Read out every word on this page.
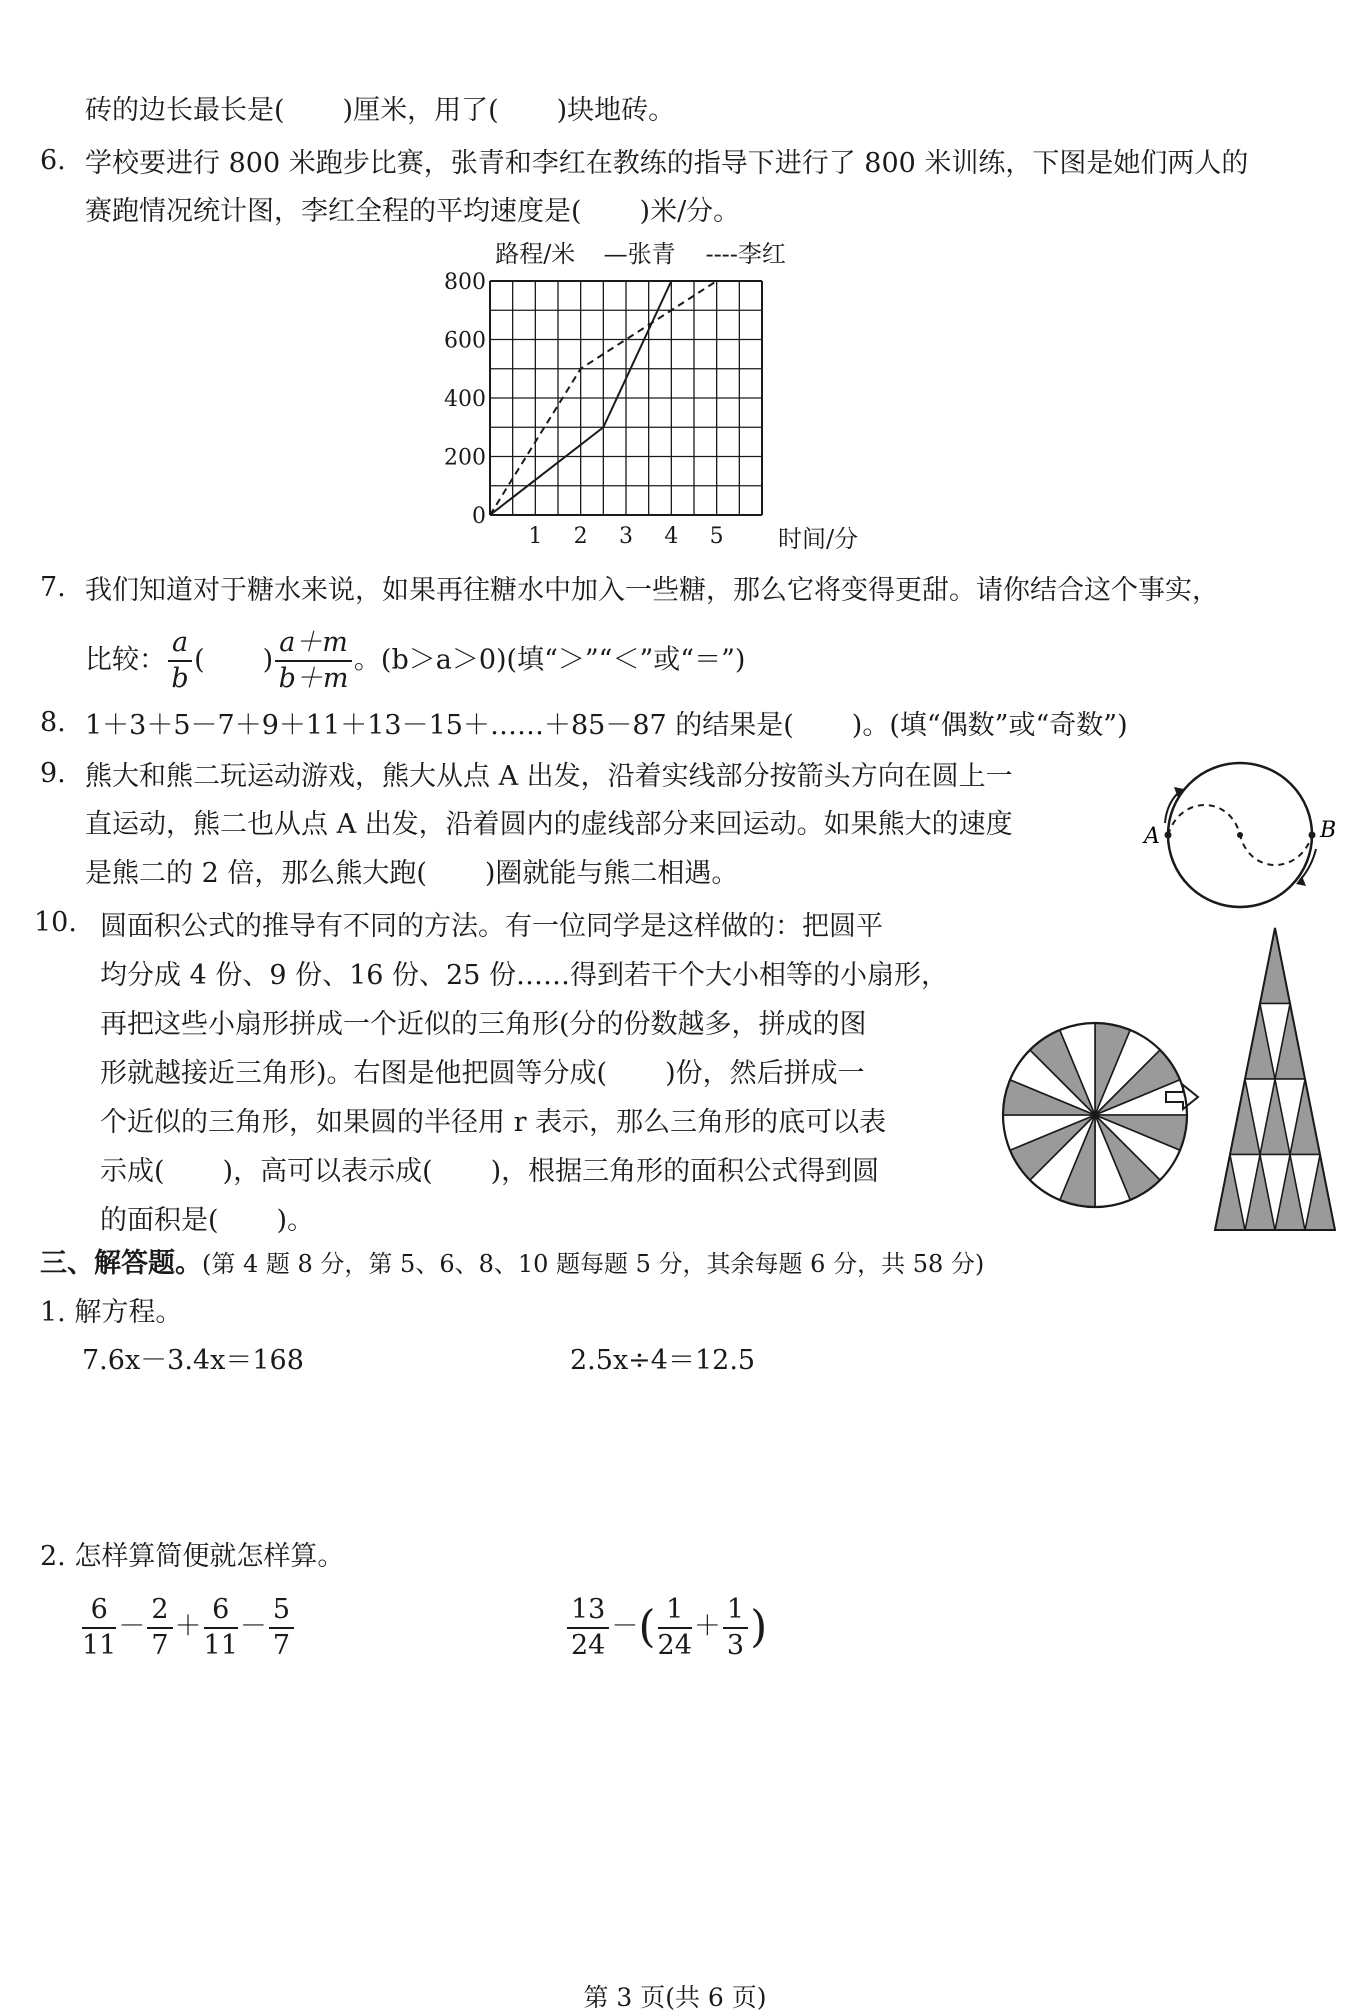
砖的边长最长是( )厘米，用了( )块地砖。
6. 学校要进行 800 米跑步比赛，张青和李红在教练的指导下进行了 800 米训练，下图是她们两人的
赛跑情况统计图，李红全程的平均速度是( )米/分。
800
600
400
200
0
1 2 3 4 5 时间/分
路程/米 —张青 ----李红
7. 我们知道对于糖水来说，如果再往糖水中加入一些糖，那么它将变得更甜。请你结合这个事实，
比较： $\frac{a}{b}$ ( ) $\frac{a+m}{b+m}$ 。(b＞a＞0)(填“＞”“＜”或“＝”)
8. 1＋3＋5－7＋9＋11＋13－15＋……＋85－87 的结果是( )。(填“偶数”或“奇数”)
9. 熊大和熊二玩运动游戏，熊大从点 A 出发，沿着实线部分按箭头方向在圆上一
直运动，熊二也从点 A 出发，沿着圆内的虚线部分来回运动。如果熊大的速度
是熊二的 2 倍，那么熊大跑( )圈就能与熊二相遇。
A	B
10. 圆面积公式的推导有不同的方法。有一位同学是这样做的：把圆平
均分成 4 份、9 份、16 份、25 份……得到若干个大小相等的小扇形，
再把这些小扇形拼成一个近似的三角形(分的份数越多，拼成的图
形就越接近三角形)。右图是他把圆等分成( )份，然后拼成一
个近似的三角形，如果圆的半径用 r 表示，那么三角形的底可以表
示成( )，高可以表示成( )，根据三角形的面积公式得到圆
的面积是( )。
三、解答题。(第 4 题 8 分，第 5、6、8、10 题每题 5 分，其余每题 6 分，共 58 分)
1. 解方程。
7.6x－3.4x＝168	2.5x÷4＝12.5
2. 怎样算简便就怎样算。
$\frac{6}{11} - \frac{2}{7} + \frac{6}{11} - \frac{5}{7}$	$\frac{13}{24}$ －( $\frac{1}{24} + \frac{1}{3}$ )
第 3 页(共 6 页)
